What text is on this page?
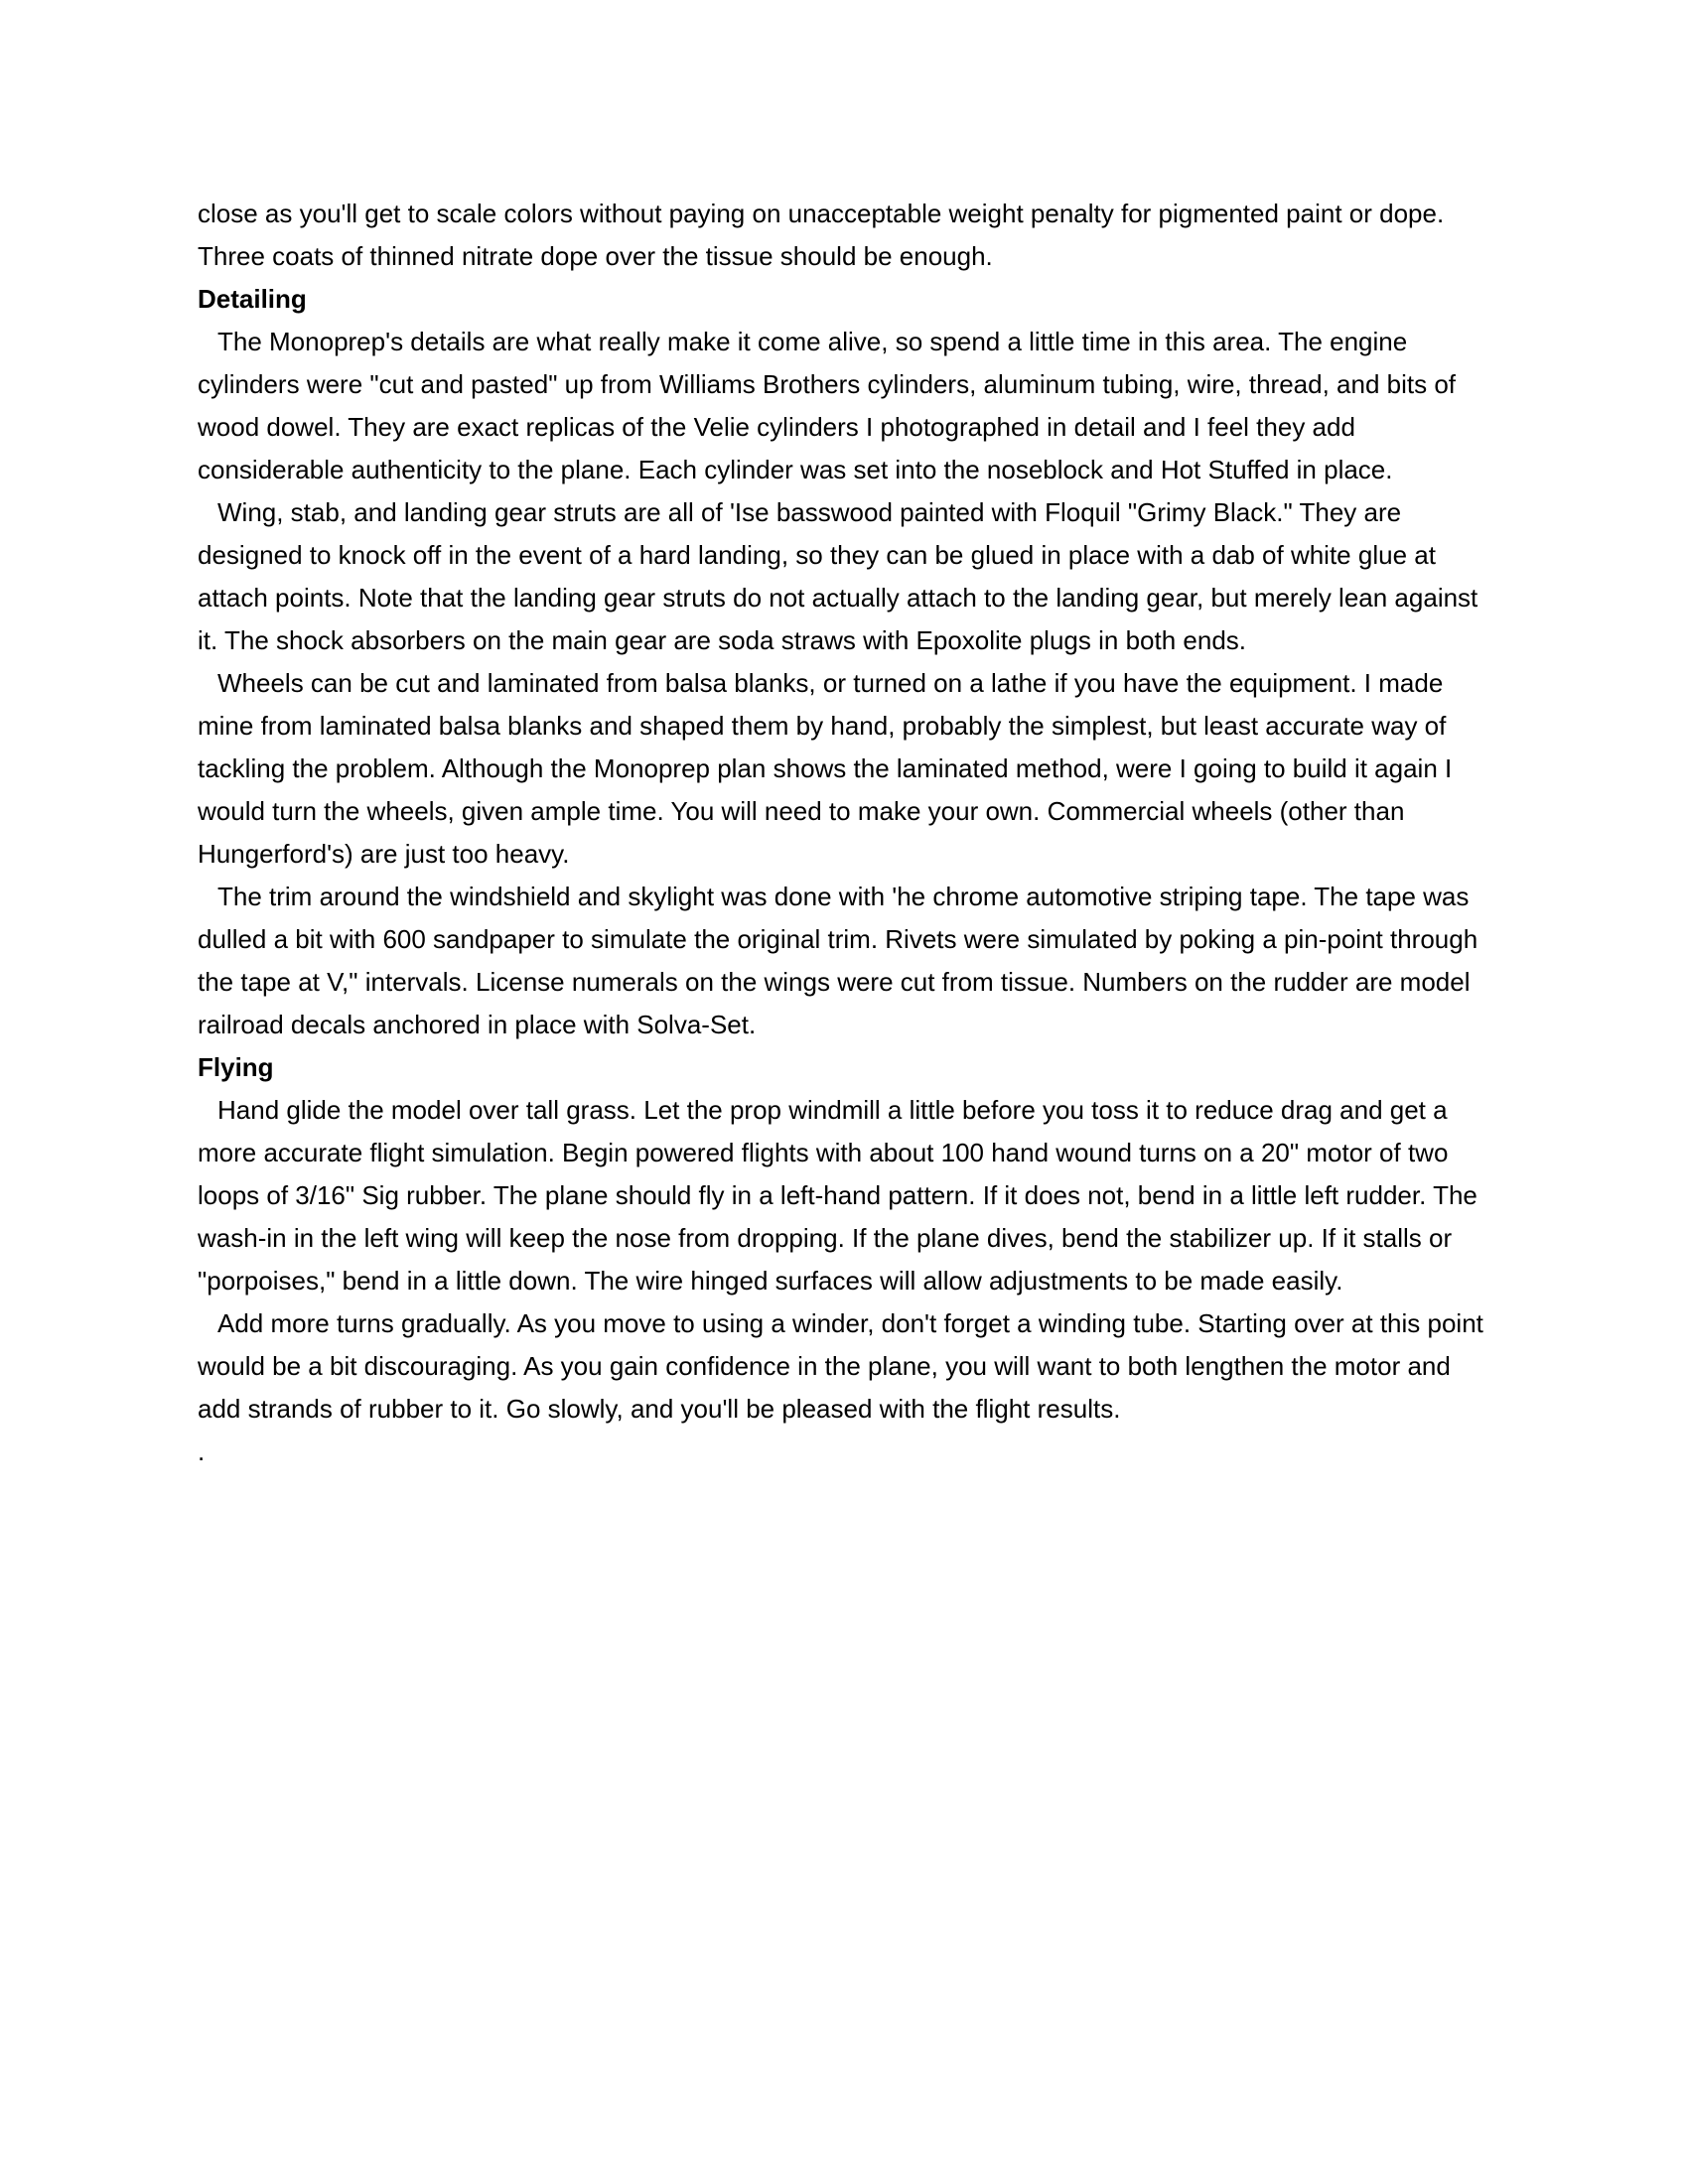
close as you'll get to scale colors without paying on unacceptable weight penalty for pigmented paint or dope. Three coats of thinned nitrate dope over the tissue should be enough.

Detailing

The Monoprep's details are what really make it come alive, so spend a little time in this area. The engine cylinders were "cut and pasted" up from Williams Brothers cylinders, aluminum tubing, wire, thread, and bits of wood dowel. They are exact replicas of the Velie cylinders I photographed in detail and I feel they add considerable authenticity to the plane. Each cylinder was set into the noseblock and Hot Stuffed in place.

Wing, stab, and landing gear struts are all of 'Ise basswood painted with Floquil "Grimy Black." They are designed to knock off in the event of a hard landing, so they can be glued in place with a dab of white glue at attach points. Note that the landing gear struts do not actually attach to the landing gear, but merely lean against it. The shock absorbers on the main gear are soda straws with Epoxolite plugs in both ends.

Wheels can be cut and laminated from balsa blanks, or turned on a lathe if you have the equipment. I made mine from laminated balsa blanks and shaped them by hand, probably the simplest, but least accurate way of tackling the problem. Although the Monoprep plan shows the laminated method, were I going to build it again I would turn the wheels, given ample time. You will need to make your own. Commercial wheels (other than Hungerford's) are just too heavy.

The trim around the windshield and skylight was done with 'he chrome automotive striping tape. The tape was dulled a bit with 600 sandpaper to simulate the original trim. Rivets were simulated by poking a pin-point through the tape at V," intervals. License numerals on the wings were cut from tissue. Numbers on the rudder are model railroad decals anchored in place with Solva-Set.

Flying

Hand glide the model over tall grass. Let the prop windmill a little before you toss it to reduce drag and get a more accurate flight simulation. Begin powered flights with about 100 hand wound turns on a 20" motor of two loops of 3/16" Sig rubber. The plane should fly in a left-hand pattern. If it does not, bend in a little left rudder. The wash-in in the left wing will keep the nose from dropping. If the plane dives, bend the stabilizer up. If it stalls or "porpoises," bend in a little down. The wire hinged surfaces will allow adjustments to be made easily.

Add more turns gradually. As you move to using a winder, don't forget a winding tube. Starting over at this point would be a bit discouraging. As you gain confidence in the plane, you will want to both lengthen the motor and add strands of rubber to it. Go slowly, and you'll be pleased with the flight results.

.
